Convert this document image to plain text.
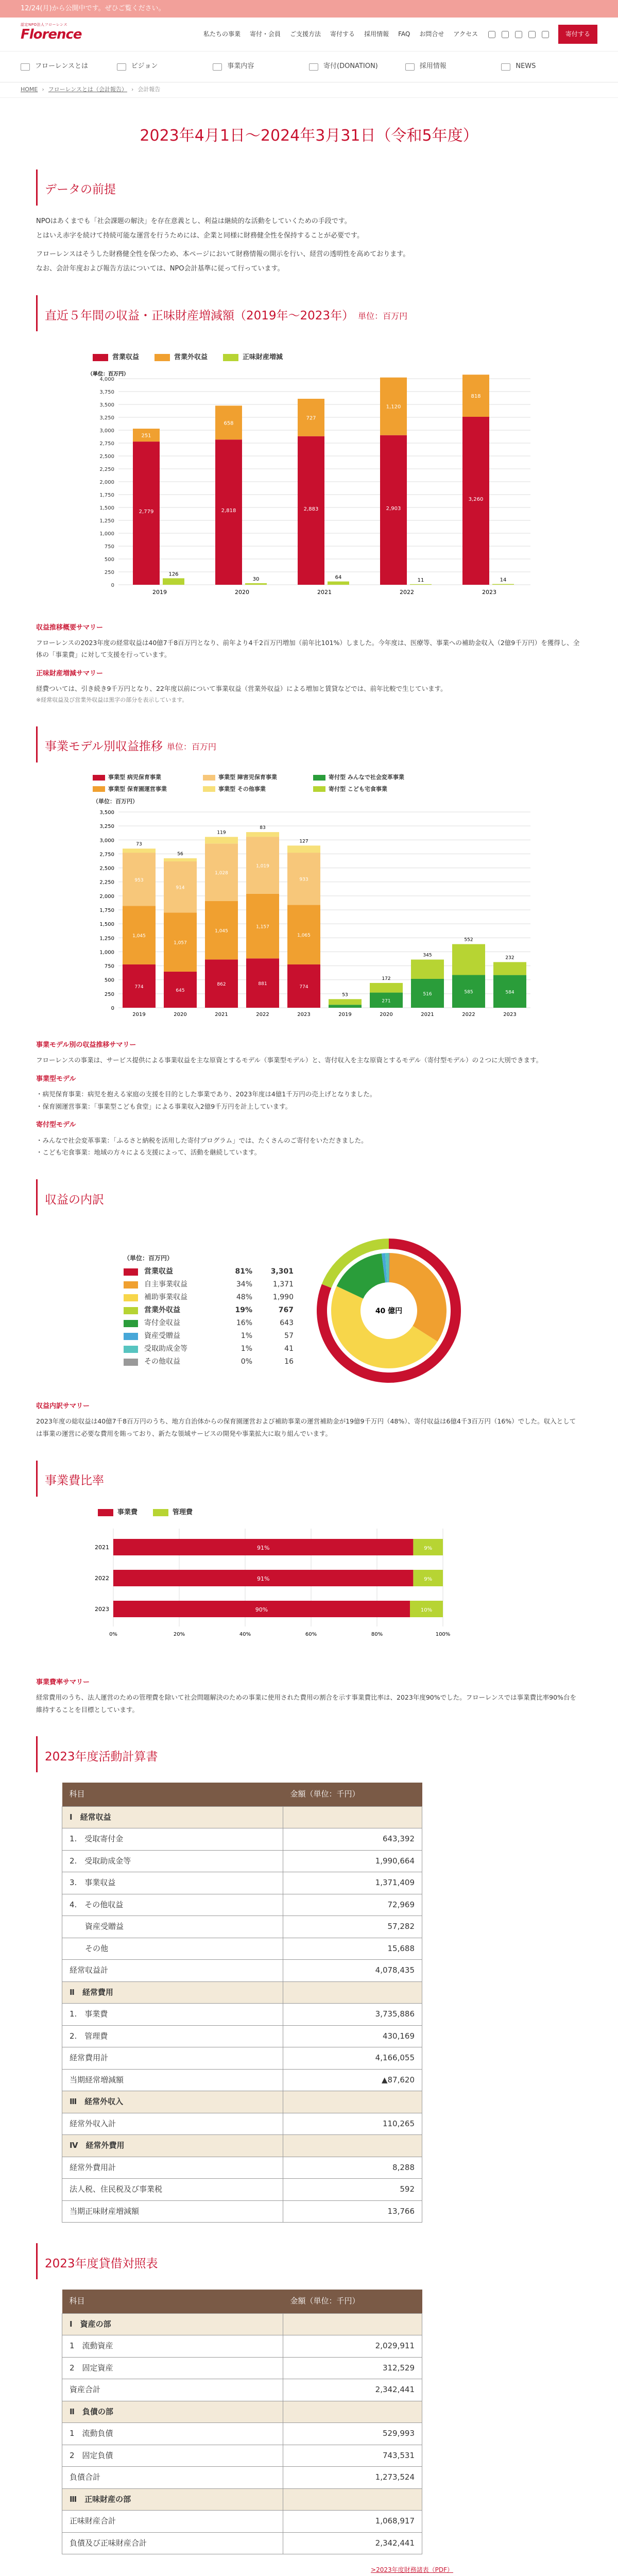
12/24(月)から公開中です。ぜひご覧ください。
認定NPO法人フローレンス
Florence	私たちの事業 寄付・会員 ご支援方法 寄付する 採用情報 FAQ お問合せ アクセス	寄付する
フローレンスとは	ビジョン	事業内容	寄付(DONATION)	採用情報	NEWS
HOME › フローレンスとは（会計報告） › 会計報告
2023年4月1日〜2024年3月31日（令和5年度）
データの前提

NPOはあくまでも「社会課題の解決」を存在意義とし、利益は継続的な活動をしていくための手段です。

とはいえ赤字を続けて持続可能な運営を行うためには、企業と同様に財務健全性を保持することが必要です。

フローレンスはそうした財務健全性を保つため、本ページにおいて財務情報の開示を行い、経営の透明性を高めております。

なお、会計年度および報告方法については、NPO会計基準に従って行っています。

直近５年間の収益・正味財産増減額（2019年〜2023年） 単位：百万円
営業収益	営業外収益	正味財産増減
0
250
500
750
1,000
1,250
1,500
1,750
2,000
2,250
2,500
2,750
3,000
3,250
3,500
3,750
4,000
（単位：百万円）
2019
2,779
251
126
2020
2,818
658
30
2021
2,883
727
64
2022
2,903
1,120
11
2023
3,260
818
14
収益推移概要サマリー

フローレンスの2023年度の経常収益は40億7千8百万円となり、前年より4千2百万円増加（前年比101%）しました。今年度は、医療等、事業への補助金収入（2億9千万円）を獲得し、全体の「事業費」に対して支援を行っています。

正味財産増減サマリー

経費ついては、引き続き9千万円となり、22年度以前について事業収益（営業外収益）による増加と賃貸などでは、前年比較で生じています。

※経常収益及び営業外収益は黒字の部分を表示しています。

事業モデル別収益推移 単位：百万円
事業型 病児保育事業	事業型 障害児保育事業	寄付型 みんなで社会変革事業
事業型 保育園運営事業	事業型 その他事業	寄付型 こども宅食事業
（単位：百万円）
0
250
500
750
1,000
1,250
1,500
1,750
2,000
2,250
2,500
2,750
3,000
3,250
3,500
774
1,045
953
73
2019
53
2019
645
1,057
914
56
2020
271
172
2020
862
1,045
1,028
119
2021
516
345
2021
881
1,157
1,019
83
2022
585
552
2022
774
1,065
933
127
2023
584
232
2023
事業モデル別の収益推移サマリー

フローレンスの事業は、サービス提供による事業収益を主な原資とするモデル（事業型モデル）と、寄付収入を主な原資とするモデル（寄付型モデル）の２つに大別できます。

事業型モデル

・病児保育事業：病児を抱える家庭の支援を目的とした事業であり、2023年度は4億1千万円の売上げとなりました。

・保育園運営事業：「事業型こども食堂」による事業収入2億9千万円を計上しています。

寄付型モデル

・みんなで社会変革事業：「ふるさと納税を活用した寄付プログラム」では、たくさんのご寄付をいただきました。

・こども宅食事業：地域の方々による支援によって、活動を継続しています。

収益の内訳
（単位：百万円）
営業収益	81%	3,301
自主事業収益	34%	1,371
補助事業収益	48%	1,990
営業外収益	19%	767
寄付金収益	16%	643
資産受贈益	1%	57
受取助成金等	1%	41
その他収益	0%	16
40 億円
収益内訳サマリー

2023年度の総収益は40億7千8百万円のうち、地方自治体からの保育園運営および補助事業の運営補助金が19億9千万円（48%）、寄付収益は6億4千3百万円（16%）でした。収入としては事業の運営に必要な費用を賄っており、新たな領域サービスの開発や事業拡大に取り組んでいます。

事業費比率
事業費	管理費
0%	20%	40%	60%	80%	100%
2021	91%	9%
2022	91%	9%
2023	90%	10%
事業費率サマリー

経常費用のうち、法人運営のための管理費を除いて社会問題解決のための事業に使用された費用の割合を示す事業費比率は、2023年度90%でした。フローレンスでは事業費比率90%台を維持することを目標としています。

2023年度活動計算書
科目	金額（単位：千円）
Ⅰ　経常収益	
1.　受取寄付金	643,392
2.　受取助成金等	1,990,664
3.　事業収益	1,371,409
4.　その他収益	72,969
　　資産受贈益	57,282
　　その他	15,688
経常収益計	4,078,435
Ⅱ　経常費用	
1.　事業費	3,735,886
2.　管理費	430,169
経常費用計	4,166,055
当期経常増減額	▲87,620
Ⅲ　経常外収入	
経常外収入計	110,265
Ⅳ　経常外費用	
経常外費用計	8,288
法人税、住民税及び事業税	592
当期正味財産増減額	13,766
2023年度貸借対照表
科目	金額（単位：千円）
Ⅰ　資産の部	
1　流動資産	2,029,911
2　固定資産	312,529
資産合計	2,342,441
Ⅱ　負債の部	
1　流動負債	529,993
2　固定負債	743,531
負債合計	1,273,524
Ⅲ　正味財産の部	
正味財産合計	1,068,917
負債及び正味財産合計	2,342,441
>2023年度財務諸表（PDF）
